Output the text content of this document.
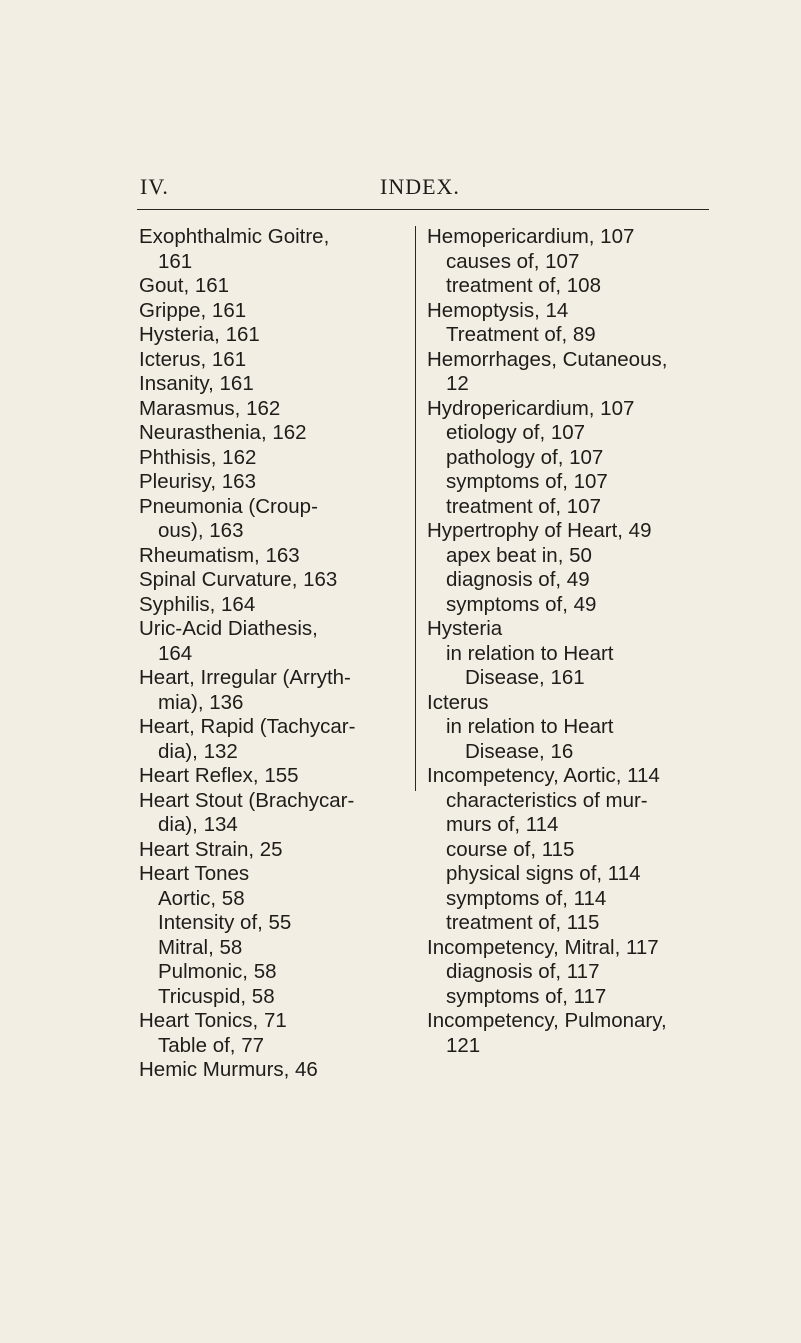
IV.	INDEX.
Exophthalmic Goitre,
161
Gout, 161
Grippe, 161
Hysteria, 161
Icterus, 161
Insanity, 161
Marasmus, 162
Neurasthenia, 162
Phthisis, 162
Pleurisy, 163
Pneumonia (Croup-
ous), 163
Rheumatism, 163
Spinal Curvature, 163
Syphilis, 164
Uric-Acid Diathesis,
164
Heart, Irregular (Arryth-
mia), 136
Heart, Rapid (Tachycar-
dia), 132
Heart Reflex, 155
Heart Stout (Brachycar-
dia), 134
Heart Strain, 25
Heart Tones
Aortic, 58
Intensity of, 55
Mitral, 58
Pulmonic, 58
Tricuspid, 58
Heart Tonics, 71
Table of, 77
Hemic Murmurs, 46
Hemopericardium, 107
causes of, 107
treatment of, 108
Hemoptysis, 14
Treatment of, 89
Hemorrhages, Cutaneous,
12
Hydropericardium, 107
etiology of, 107
pathology of, 107
symptoms of, 107
treatment of, 107
Hypertrophy of Heart, 49
apex beat in, 50
diagnosis of, 49
symptoms of, 49
Hysteria
in relation to Heart
Disease, 161
Icterus
in relation to Heart
Disease, 16
Incompetency, Aortic, 114
characteristics of mur-
murs of, 114
course of, 115
physical signs of, 114
symptoms of, 114
treatment of, 115
Incompetency, Mitral, 117
diagnosis of, 117
symptoms of, 117
Incompetency, Pulmonary,
121
